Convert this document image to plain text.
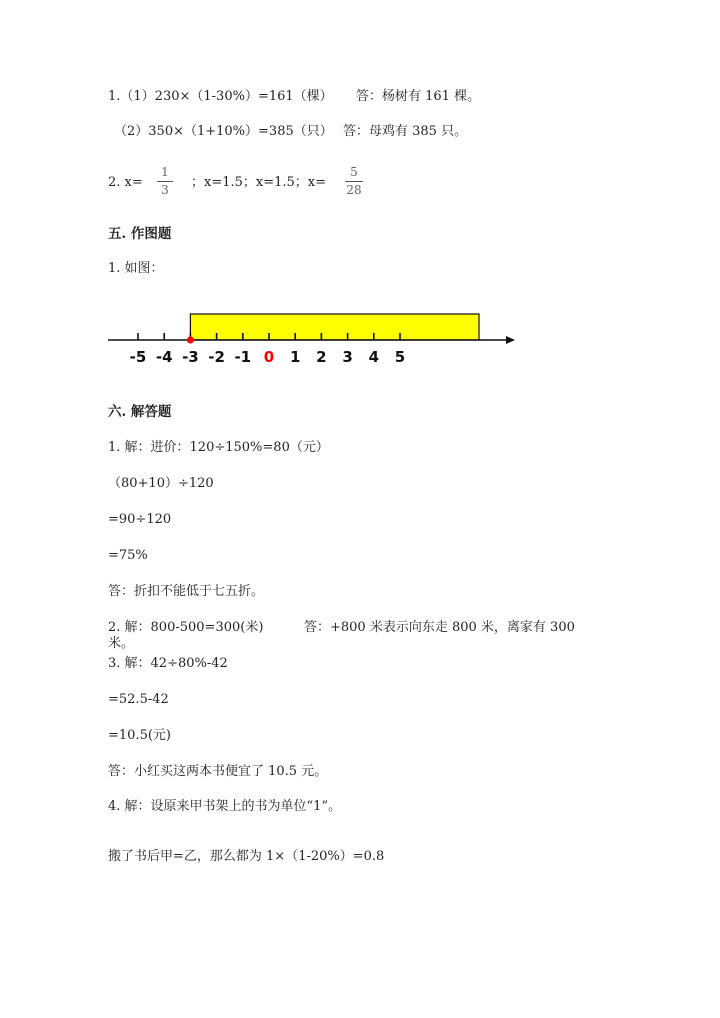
1.（1）230×（1-30%）=161（棵） 答：杨树有 161 棵。
（2）350×（1+10%）=385（只） 答：母鸡有 385 只。
2. x=
1
3	；x=1.5；x=1.5；x=
5
28
五. 作图题
1. 如图：
-5 -4 -3 -2 -1 0 1 2 3 4 5
六. 解答题
1. 解：进价：120÷150%=80（元）
（80+10）÷120
=90÷120
=75%
答：折扣不能低于七五折。
2. 解：800-500=300(米)	答：+800 米表示向东走 800 米，离家有 300
米。
3. 解：42÷80%-42
=52.5-42
=10.5(元)
答：小红买这两本书便宜了 10.5 元。
4. 解：设原来甲书架上的书为单位“1”。
搬了书后甲=乙，那么都为 1×（1-20%）=0.8
